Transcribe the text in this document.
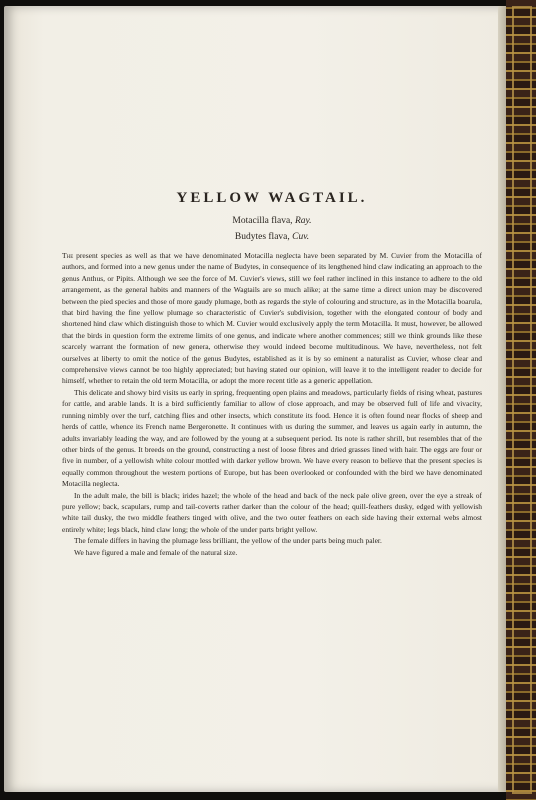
YELLOW WAGTAIL.
Motacilla flava, Ray.
Budytes flava, Cuv.

The present species as well as that we have denominated Motacilla neglecta have been separated by M. Cuvier from the Motacilla of authors, and formed into a new genus under the name of Budytes, in consequence of its lengthened hind claw indicating an approach to the genus Anthus, or Pipits. Although we see the force of M. Cuvier's views, still we feel rather inclined in this instance to adhere to the old arrangement, as the general habits and manners of the Wagtails are so much alike; at the same time a direct union may be discovered between the pied species and those of more gaudy plumage, both as regards the style of colouring and structure, as in the Motacilla boarula, that bird having the fine yellow plumage so characteristic of Cuvier's subdivision, together with the elongated contour of body and shortened hind claw which distinguish those to which M. Cuvier would exclusively apply the term Motacilla. It must, however, be allowed that the birds in question form the extreme limits of one genus, and indicate where another commences; still we think grounds like these scarcely warrant the formation of new genera, otherwise they would indeed become multitudinous. We have, nevertheless, not felt ourselves at liberty to omit the notice of the genus Budytes, established as it is by so eminent a naturalist as Cuvier, whose clear and comprehensive views cannot be too highly appreciated; but having stated our opinion, will leave it to the intelligent reader to decide for himself, whether to retain the old term Motacilla, or adopt the more recent title as a generic appellation.

This delicate and showy bird visits us early in spring, frequenting open plains and meadows, particularly fields of rising wheat, pastures for cattle, and arable lands. It is a bird sufficiently familiar to allow of close approach, and may be observed full of life and vivacity, running nimbly over the turf, catching flies and other insects, which constitute its food. Hence it is often found near flocks of sheep and herds of cattle, whence its French name Bergeronette. It continues with us during the summer, and leaves us again early in autumn, the adults invariably leading the way, and are followed by the young at a subsequent period. Its note is rather shrill, but resembles that of the other birds of the genus. It breeds on the ground, constructing a nest of loose fibres and dried grasses lined with hair. The eggs are four or five in number, of a yellowish white colour mottled with darker yellow brown. We have every reason to believe that the present species is equally common throughout the western portions of Europe, but has been overlooked or confounded with the bird we have denominated Motacilla neglecta.

In the adult male, the bill is black; irides hazel; the whole of the head and back of the neck pale olive green, over the eye a streak of pure yellow; back, scapulars, rump and tail-coverts rather darker than the colour of the head; quill-feathers dusky, edged with yellowish white tail dusky, the two middle feathers tinged with olive, and the two outer feathers on each side having their external webs almost entirely white; legs black, hind claw long; the whole of the under parts bright yellow.

The female differs in having the plumage less brilliant, the yellow of the under parts being much paler.

We have figured a male and female of the natural size.
